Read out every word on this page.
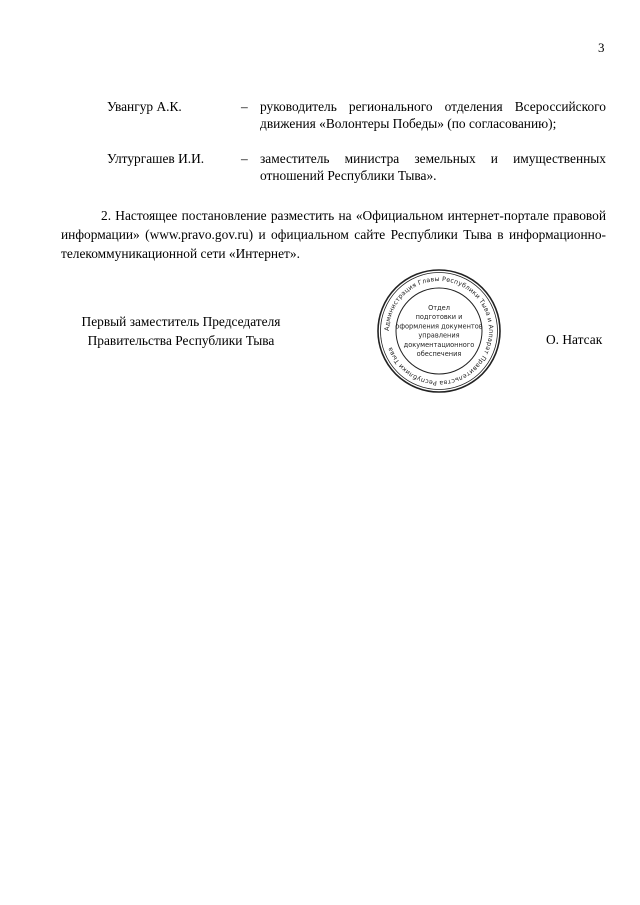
3
Увангур А.К.	– руководитель регионального отделения Всероссийского движения «Волонтеры Победы» (по согласованию);
Ултургашев И.И.	– заместитель министра земельных и имущественных отношений Республики Тыва».
2. Настоящее постановление разместить на «Официальном интернет-портале правовой информации» (www.pravo.gov.ru) и официальном сайте Республики Тыва в информационно-телекоммуникационной сети «Интернет».
Первый заместитель Председателя
Правительства Республики Тыва	О. Натсак
Администрация Главы Республики Тыва и Аппарат Правительства Республики Тыва
Отдел
подготовки и
оформления документов
управления
документационного
обеспечения
